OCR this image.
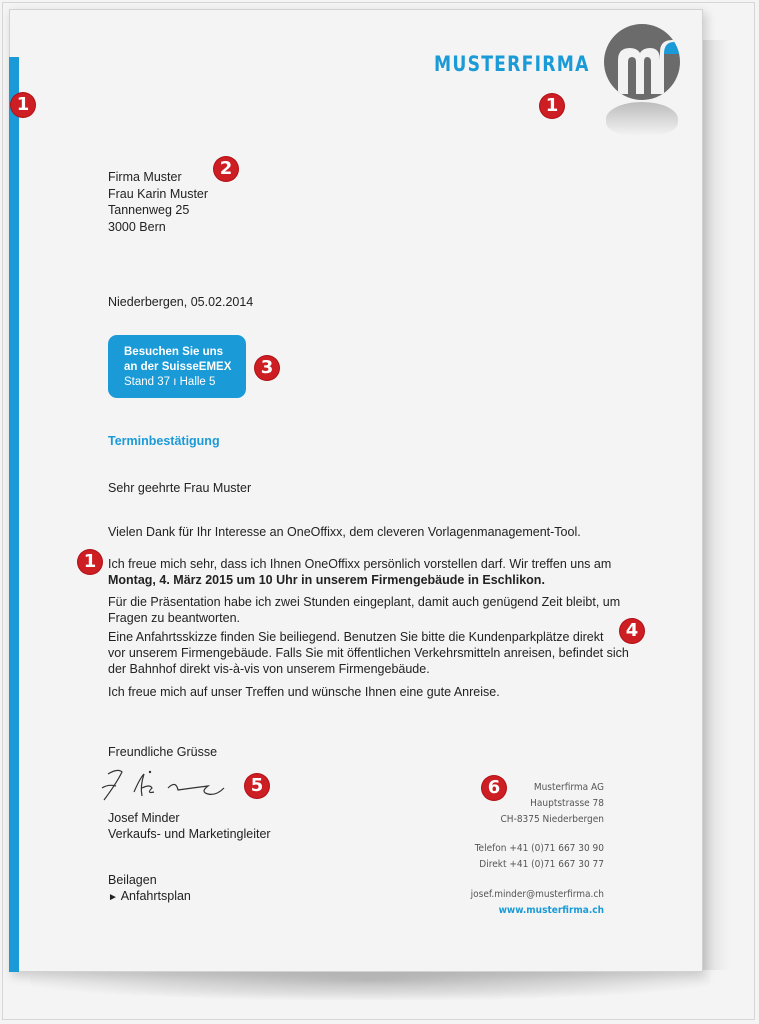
MUSTERFIRMA
1	1
2
3
1
4
5	6
Firma Muster
Frau Karin Muster
Tannenweg 25
3000 Bern
Niederbergen, 05.02.2014
Besuchen Sie uns
an der SuisseEMEX
Stand 37 ı Halle 5
Terminbestätigung
Sehr geehrte Frau Muster
Vielen Dank für Ihr Interesse an OneOffixx, dem cleveren Vorlagenmanagement-Tool.
Ich freue mich sehr, dass ich Ihnen OneOffixx persönlich vorstellen darf. Wir treffen uns am
Montag, 4. März 2015 um 10 Uhr in unserem Firmengebäude in Eschlikon.
Für die Präsentation habe ich zwei Stunden eingeplant, damit auch genügend Zeit bleibt, um
Fragen zu beantworten.
Eine Anfahrtsskizze finden Sie beiliegend. Benutzen Sie bitte die Kundenparkplätze direkt
vor unserem Firmengebäude. Falls Sie mit öffentlichen Verkehrsmitteln anreisen, befindet sich
der Bahnhof direkt vis-à-vis von unserem Firmengebäude.
Ich freue mich auf unser Treffen und wünsche Ihnen eine gute Anreise.
Freundliche Grüsse
Josef Minder
Verkaufs- und Marketingleiter
Beilagen
► Anfahrtsplan
Musterfirma AG
Hauptstrasse 78
CH-8375 Niederbergen
Telefon +41 (0)71 667 30 90
Direkt +41 (0)71 667 30 77
josef.minder@musterfirma.ch
www.musterfirma.ch
